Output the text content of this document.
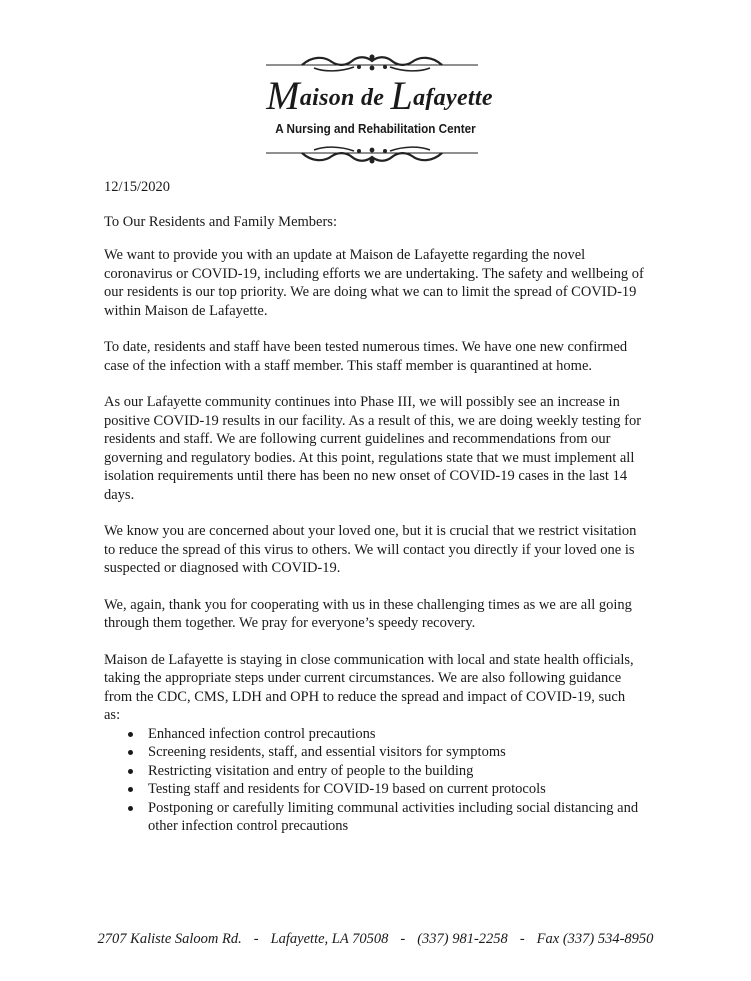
Maison de Lafayette
A Nursing and Rehabilitation Center

12/15/2020

To Our Residents and Family Members:

We want to provide you with an update at Maison de Lafayette regarding the novel coronavirus or COVID-19, including efforts we are undertaking. The safety and wellbeing of our residents is our top priority. We are doing what we can to limit the spread of COVID-19 within Maison de Lafayette.

To date, residents and staff have been tested numerous times. We have one new confirmed case of the infection with a staff member. This staff member is quarantined at home.

As our Lafayette community continues into Phase III, we will possibly see an increase in positive COVID-19 results in our facility. As a result of this, we are doing weekly testing for residents and staff. We are following current guidelines and recommendations from our governing and regulatory bodies. At this point, regulations state that we must implement all isolation requirements until there has been no new onset of COVID-19 cases in the last 14 days.

We know you are concerned about your loved one, but it is crucial that we restrict visitation to reduce the spread of this virus to others. We will contact you directly if your loved one is suspected or diagnosed with COVID-19.

We, again, thank you for cooperating with us in these challenging times as we are all going through them together. We pray for everyone’s speedy recovery.

Maison de Lafayette is staying in close communication with local and state health officials, taking the appropriate steps under current circumstances. We are also following guidance from the CDC, CMS, LDH and OPH to reduce the spread and impact of COVID-19, such as:

Enhanced infection control precautions
Screening residents, staff, and essential visitors for symptoms
Restricting visitation and entry of people to the building
Testing staff and residents for COVID-19 based on current protocols
Postponing or carefully limiting communal activities including social distancing and other infection control precautions
2707 Kaliste Saloom Rd. - Lafayette, LA 70508 - (337) 981-2258 - Fax (337) 534-8950
